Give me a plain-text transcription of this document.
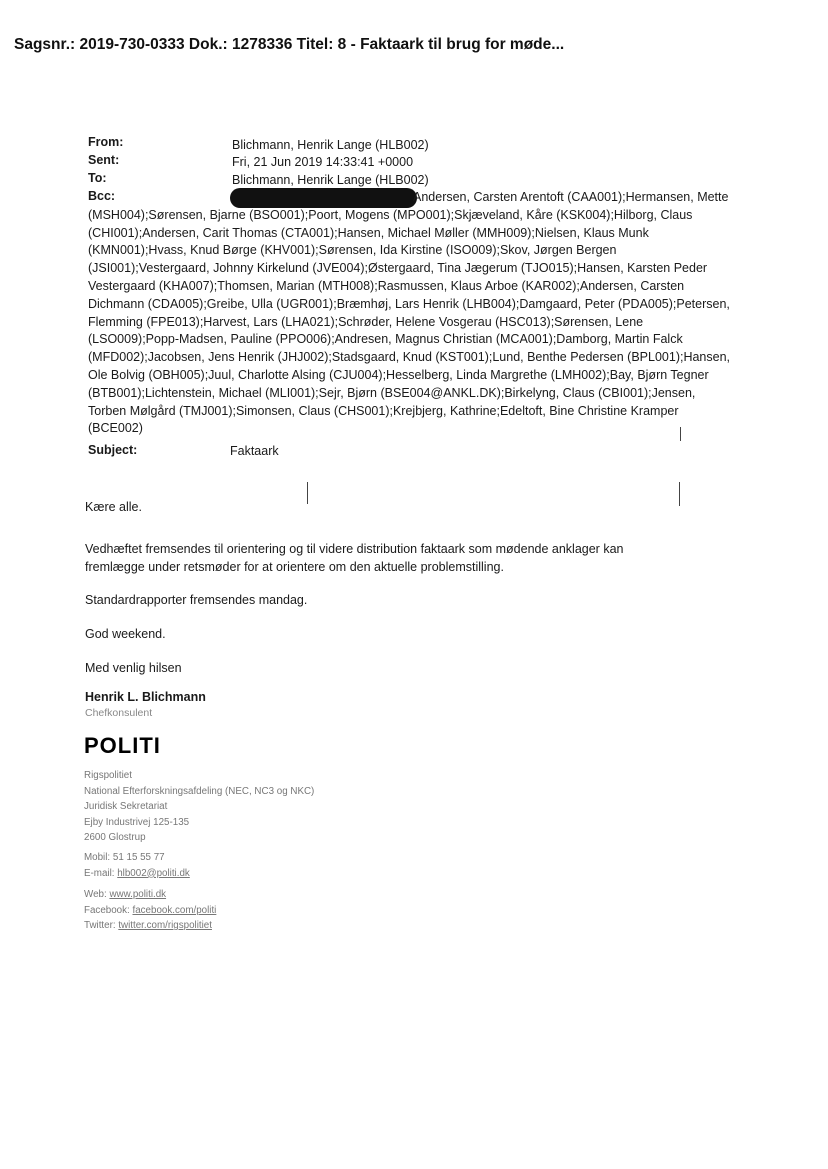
Sagsnr.: 2019-730-0333 Dok.: 1278336 Titel: 8 - Faktaark til brug for møde...
From:	Blichmann, Henrik Lange (HLB002)
Sent:	Fri, 21 Jun 2019 14:33:41 +0000
To:	Blichmann, Henrik Lange (HLB002)
Bcc:	Andersen, Carsten Arentoft (CAA001);Hermansen, Mette (MSH004);Sørensen, Bjarne (BSO001);Poort, Mogens (MPO001);Skjæveland, Kåre (KSK004);Hilborg, Claus (CHI001);Andersen, Carit Thomas (CTA001);Hansen, Michael Møller (MMH009);Nielsen, Klaus Munk (KMN001);Hvass, Knud Børge (KHV001);Sørensen, Ida Kirstine (ISO009);Skov, Jørgen Bergen (JSI001);Vestergaard, Johnny Kirkelund (JVE004);Østergaard, Tina Jægerum (TJO015);Hansen, Karsten Peder Vestergaard (KHA007);Thomsen, Marian (MTH008);Rasmussen, Klaus Arboe (KAR002);Andersen, Carsten Dichmann (CDA005);Greibe, Ulla (UGR001);Bræmhøj, Lars Henrik (LHB004);Damgaard, Peter (PDA005);Petersen, Flemming (FPE013);Harvest, Lars (LHA021);Schrøder, Helene Vosgerau (HSC013);Sørensen, Lene (LSO009);Popp-Madsen, Pauline (PPO006);Andresen, Magnus Christian (MCA001);Damborg, Martin Falck (MFD002);Jacobsen, Jens Henrik (JHJ002);Stadsgaard, Knud (KST001);Lund, Benthe Pedersen (BPL001);Hansen, Ole Bolvig (OBH005);Juul, Charlotte Alsing (CJU004);Hesselberg, Linda Margrethe (LMH002);Bay, Bjørn Tegner (BTB001);Lichtenstein, Michael (MLI001);Sejr, Bjørn (BSE004@ANKL.DK);Birkelyng, Claus (CBI001);Jensen, Torben Mølgård (TMJ001);Simonsen, Claus (CHS001);Krejbjerg, Kathrine;Edeltoft, Bine Christine Kramper (BCE002)
Subject:	Faktaark
Kære alle.
Vedhæftet fremsendes til orientering og til videre distribution faktaark som mødende anklager kan fremlægge under retsmøder for at orientere om den aktuelle problemstilling.
Standardrapporter fremsendes mandag.
God weekend.
Med venlig hilsen
Henrik L. Blichmann
Chefkonsulent
POLITI
Rigspolitiet
National Efterforskningsafdeling (NEC, NC3 og NKC)
Juridisk Sekretariat
Ejby Industrivej 125-135
2600 Glostrup
Mobil: 51 15 55 77
E-mail: hlb002@politi.dk
Web: www.politi.dk
Facebook: facebook.com/politi
Twitter: twitter.com/rigspolitiet
